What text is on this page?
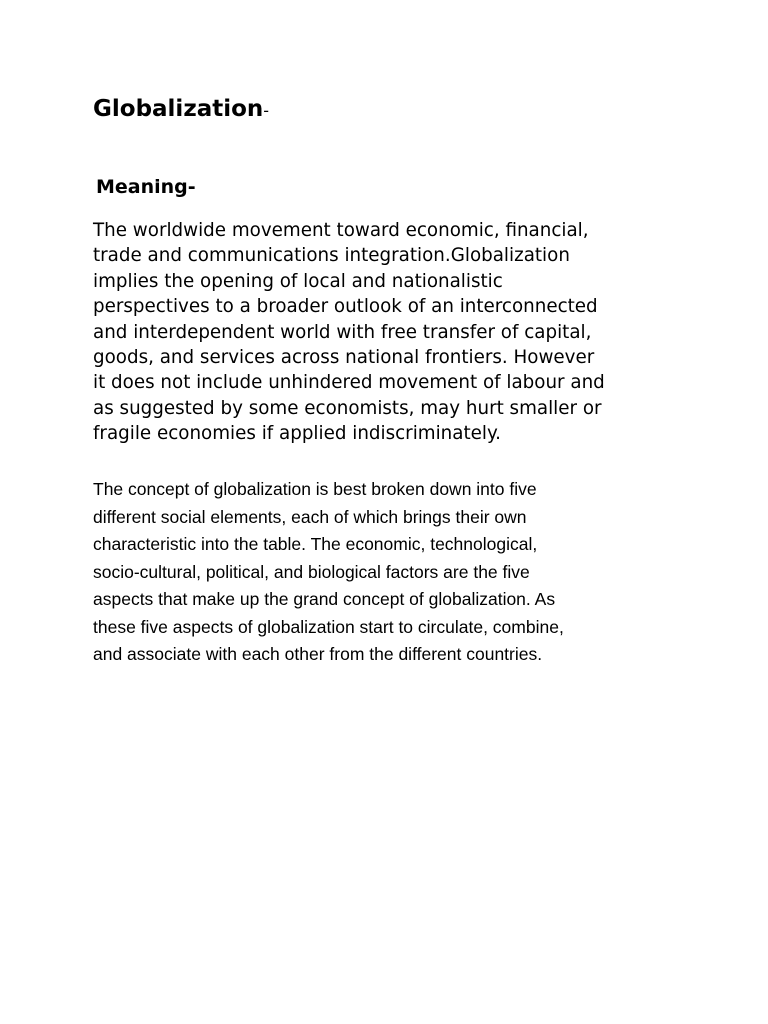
Globalization-
Meaning-

The worldwide movement toward economic, financial,
trade and communications integration.Globalization
implies the opening of local and nationalistic
perspectives to a broader outlook of an interconnected
and interdependent world with free transfer of capital,
goods, and services across national frontiers. However
it does not include unhindered movement of labour and
as suggested by some economists, may hurt smaller or
fragile economies if applied indiscriminately.

The concept of globalization is best broken down into five
different social elements, each of which brings their own
characteristic into the table. The economic, technological,
socio-cultural, political, and biological factors are the five
aspects that make up the grand concept of globalization. As
these five aspects of globalization start to circulate, combine,
and associate with each other from the different countries.
